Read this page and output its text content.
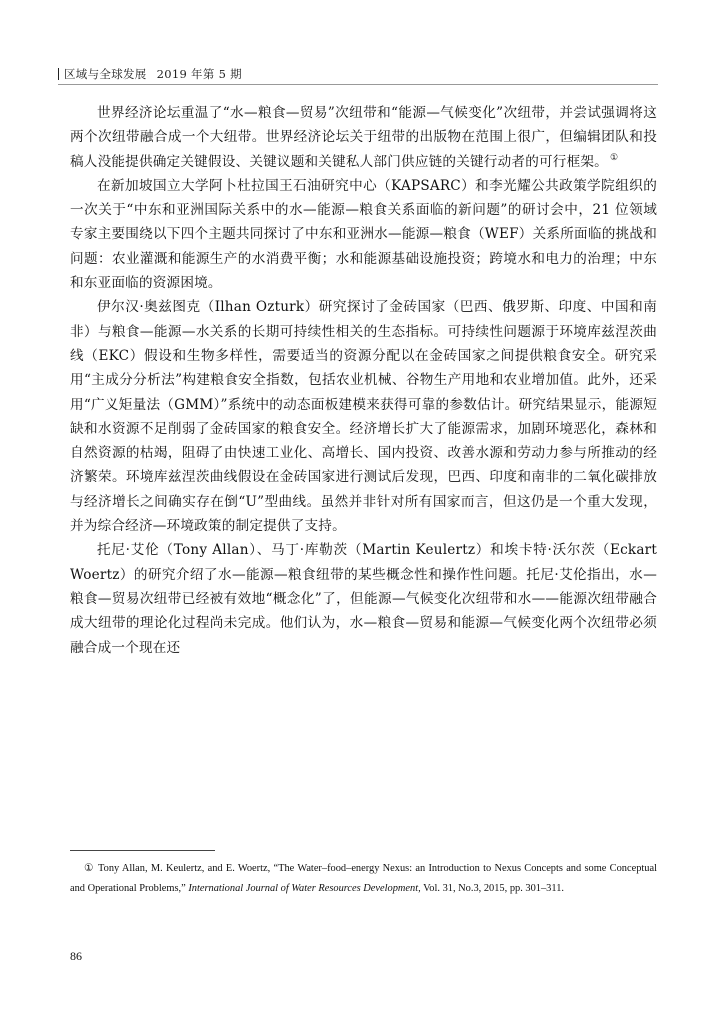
区域与全球发展 2019 年第 5 期

世界经济论坛重温了“水—粮食—贸易”次纽带和“能源—气候变化”次纽带，并尝试强调将这两个次纽带融合成一个大纽带。世界经济论坛关于纽带的出版物在范围上很广，但编辑团队和投稿人没能提供确定关键假设、关键议题和关键私人部门供应链的关键行动者的可行框架。 ①

在新加坡国立大学阿卜杜拉国王石油研究中心（KAPSARC）和李光耀公共政策学院组织的一次关于“中东和亚洲国际关系中的水—能源—粮食关系面临的新问题”的研讨会中，21 位领域专家主要围绕以下四个主题共同探讨了中东和亚洲水—能源—粮食（WEF）关系所面临的挑战和问题：农业灌溉和能源生产的水消费平衡；水和能源基础设施投资；跨境水和电力的治理；中东和东亚面临的资源困境。

伊尔汉·奥兹图克（Ilhan Ozturk）研究探讨了金砖国家（巴西、俄罗斯、印度、中国和南非）与粮食—能源—水关系的长期可持续性相关的生态指标。可持续性问题源于环境库兹涅茨曲线（EKC）假设和生物多样性，需要适当的资源分配以在金砖国家之间提供粮食安全。研究采用“主成分分析法”构建粮食安全指数，包括农业机械、谷物生产用地和农业增加值。此外，还采用“广义矩量法（GMM）”系统中的动态面板建模来获得可靠的参数估计。研究结果显示，能源短缺和水资源不足削弱了金砖国家的粮食安全。经济增长扩大了能源需求，加剧环境恶化，森林和自然资源的枯竭，阻碍了由快速工业化、高增长、国内投资、改善水源和劳动力参与所推动的经济繁荣。环境库兹涅茨曲线假设在金砖国家进行测试后发现，巴西、印度和南非的二氧化碳排放与经济增长之间确实存在倒“U”型曲线。虽然并非针对所有国家而言，但这仍是一个重大发现，并为综合经济—环境政策的制定提供了支持。

托尼·艾伦（Tony Allan）、马丁·库勒茨（Martin Keulertz）和埃卡特·沃尔茨（Eckart Woertz）的研究介绍了水—能源—粮食纽带的某些概念性和操作性问题。托尼·艾伦指出，水—粮食—贸易次纽带已经被有效地“概念化”了，但能源—气候变化次纽带和水——能源次纽带融合成大纽带的理论化过程尚未完成。他们认为，水—粮食—贸易和能源—气候变化两个次纽带必须融合成一个现在还

① Tony Allan, M. Keulertz, and E. Woertz, “The Water–food–energy Nexus: an Introduction to Nexus Concepts and some Conceptual and Operational Problems,” International Journal of Water Resources Development, Vol. 31, No.3, 2015, pp. 301–311.
86
